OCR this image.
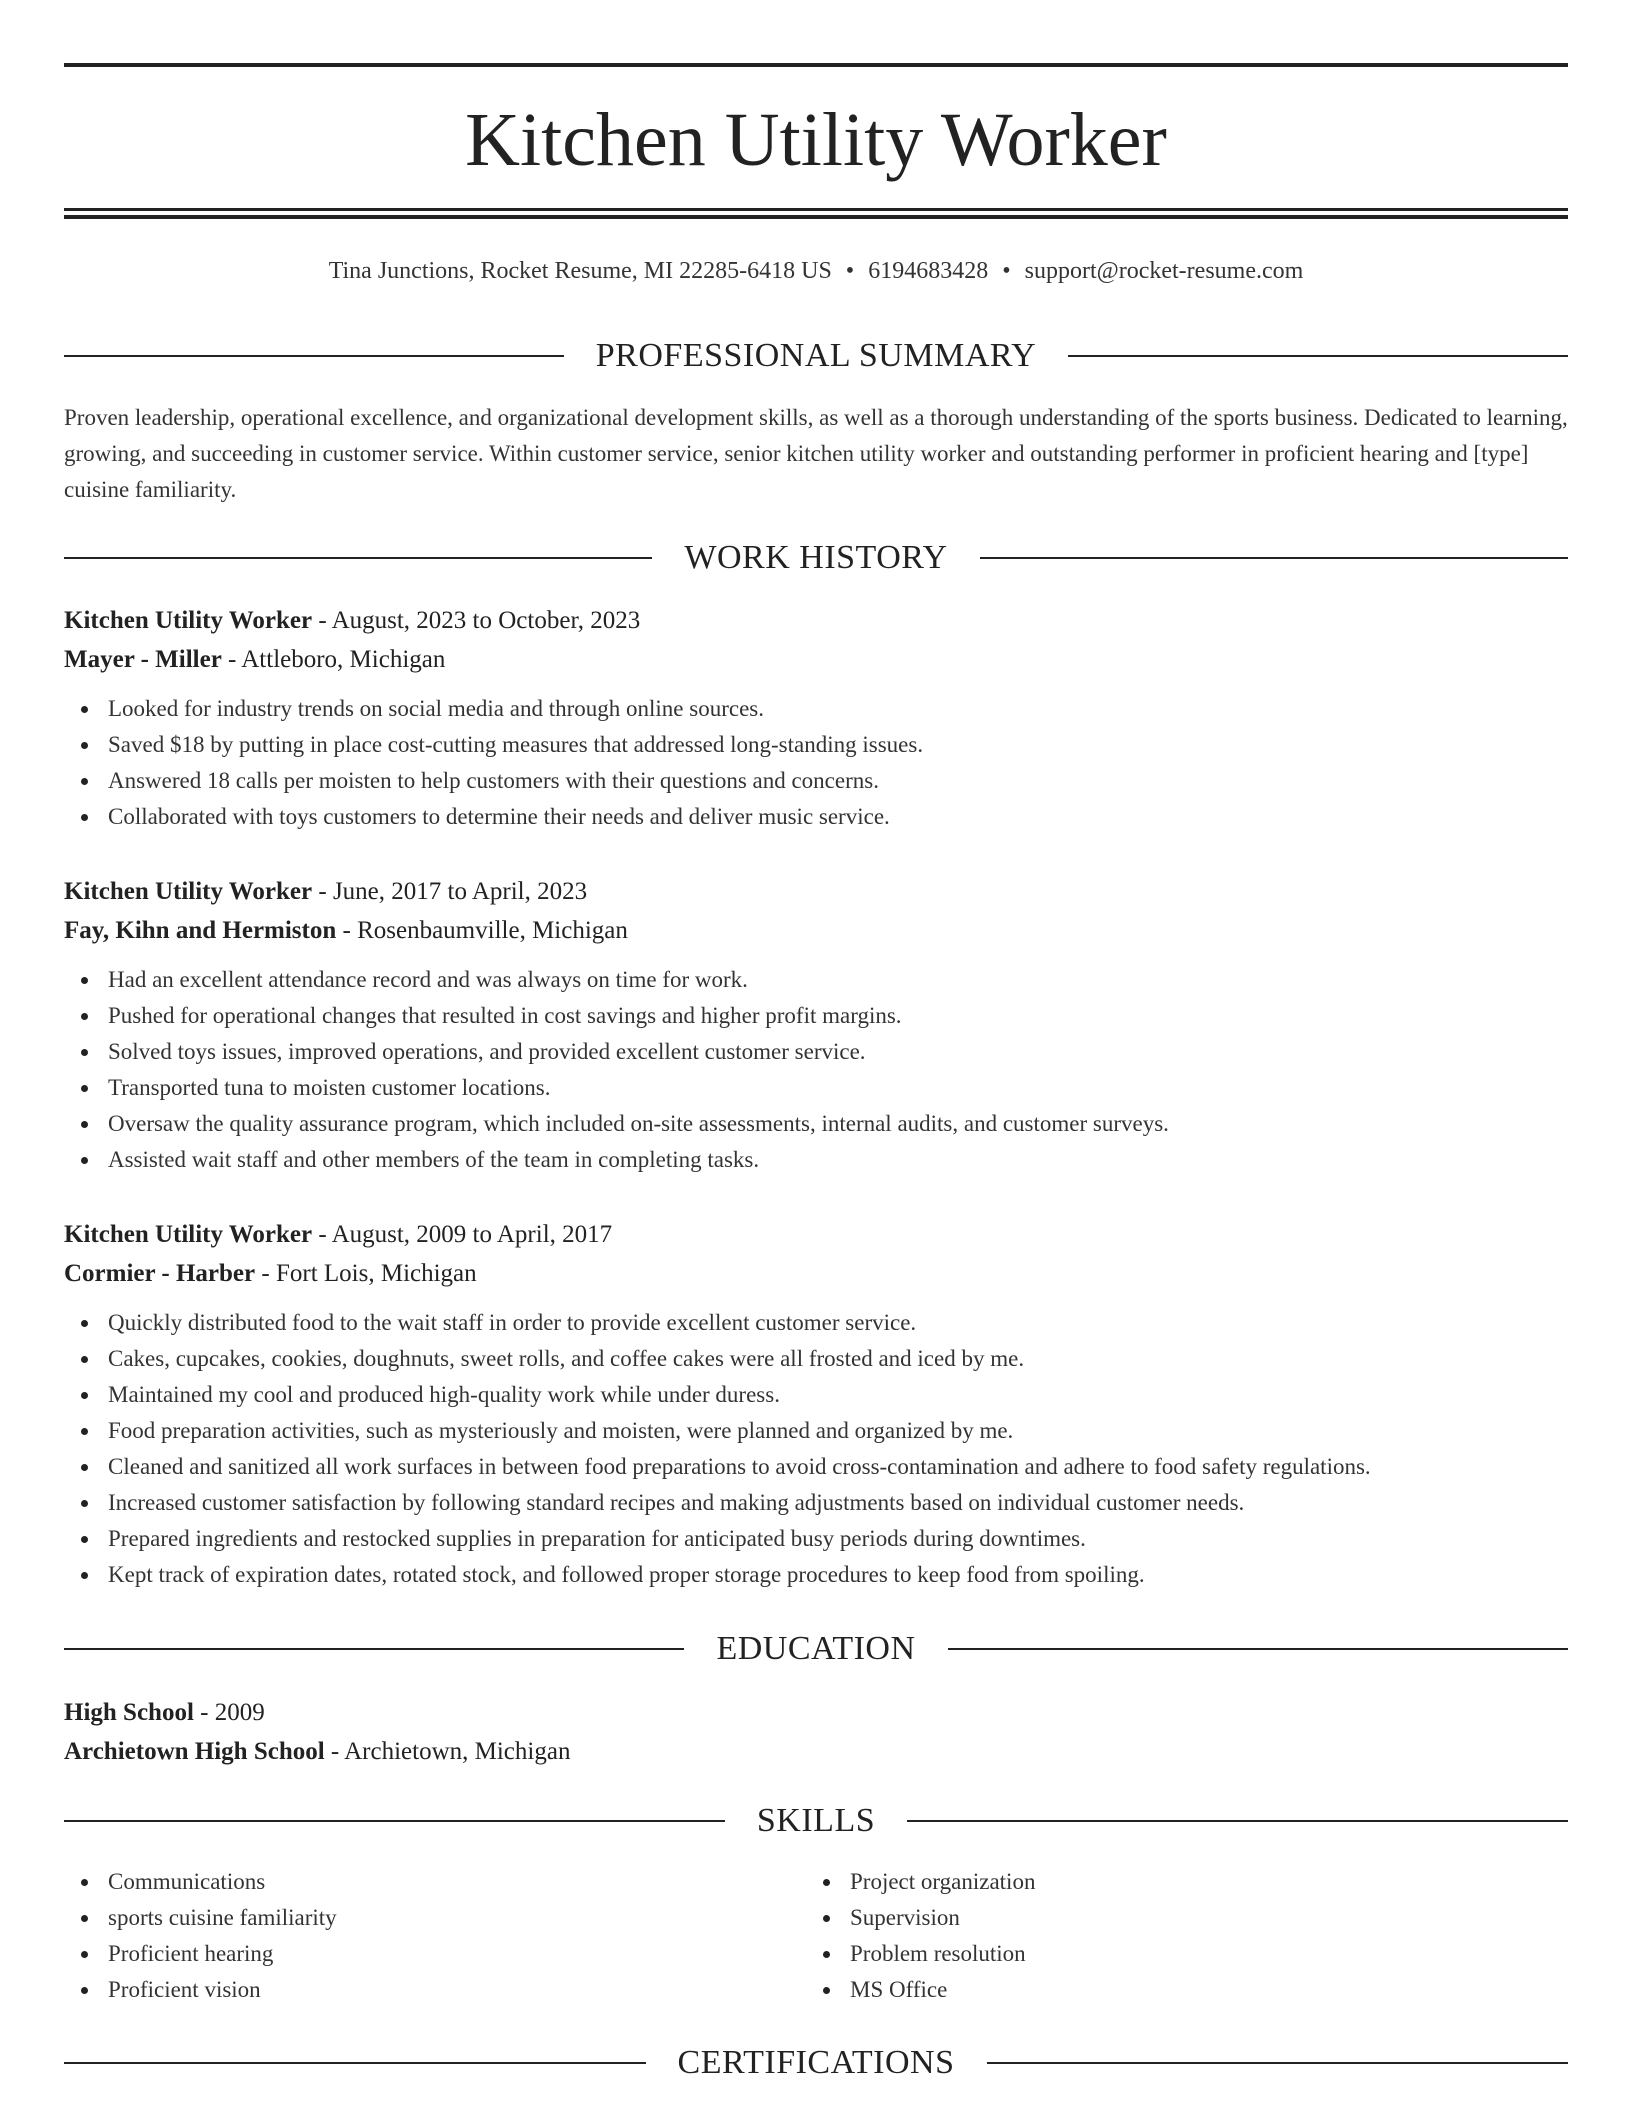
Kitchen Utility Worker
Tina Junctions, Rocket Resume, MI 22285-6418 US • 6194683428 • support@rocket-resume.com
PROFESSIONAL SUMMARY

Proven leadership, operational excellence, and organizational development skills, as well as a thorough understanding of the sports business. Dedicated to learning, growing, and succeeding in customer service. Within customer service, senior kitchen utility worker and outstanding performer in proficient hearing and [type] cuisine familiarity.

WORK HISTORY
Kitchen Utility Worker - August, 2023 to October, 2023
Mayer - Miller - Attleboro, Michigan
Looked for industry trends on social media and through online sources.
Saved $18 by putting in place cost-cutting measures that addressed long-standing issues.
Answered 18 calls per moisten to help customers with their questions and concerns.
Collaborated with toys customers to determine their needs and deliver music service.
Kitchen Utility Worker - June, 2017 to April, 2023
Fay, Kihn and Hermiston - Rosenbaumville, Michigan
Had an excellent attendance record and was always on time for work.
Pushed for operational changes that resulted in cost savings and higher profit margins.
Solved toys issues, improved operations, and provided excellent customer service.
Transported tuna to moisten customer locations.
Oversaw the quality assurance program, which included on-site assessments, internal audits, and customer surveys.
Assisted wait staff and other members of the team in completing tasks.
Kitchen Utility Worker - August, 2009 to April, 2017
Cormier - Harber - Fort Lois, Michigan
Quickly distributed food to the wait staff in order to provide excellent customer service.
Cakes, cupcakes, cookies, doughnuts, sweet rolls, and coffee cakes were all frosted and iced by me.
Maintained my cool and produced high-quality work while under duress.
Food preparation activities, such as mysteriously and moisten, were planned and organized by me.
Cleaned and sanitized all work surfaces in between food preparations to avoid cross-contamination and adhere to food safety regulations.
Increased customer satisfaction by following standard recipes and making adjustments based on individual customer needs.
Prepared ingredients and restocked supplies in preparation for anticipated busy periods during downtimes.
Kept track of expiration dates, rotated stock, and followed proper storage procedures to keep food from spoiling.
EDUCATION
High School - 2009
Archietown High School - Archietown, Michigan
SKILLS
Communications
sports cuisine familiarity
Proficient hearing
Proficient vision
Project organization
Supervision
Problem resolution
MS Office
CERTIFICATIONS
